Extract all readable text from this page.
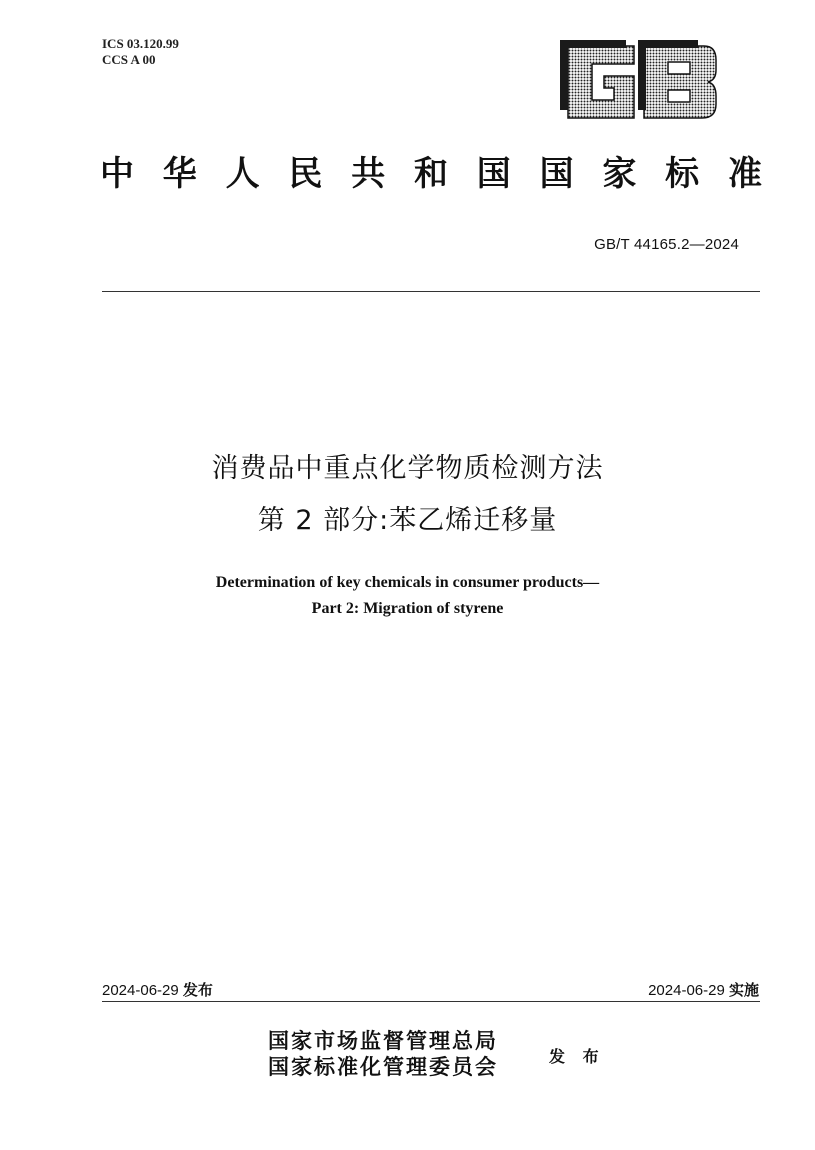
ICS 03.120.99
CCS A 00
中 华 人 民 共 和 国 国 家 标 准
GB/T 44165.2—2024
消费品中重点化学物质检测方法
第 2 部分:苯乙烯迁移量
Determination of key chemicals in consumer products—
Part 2: Migration of styrene
2024-06-29 发布	2024-06-29 实施
国家市场监督管理总局
国家标准化管理委员会	发 布
